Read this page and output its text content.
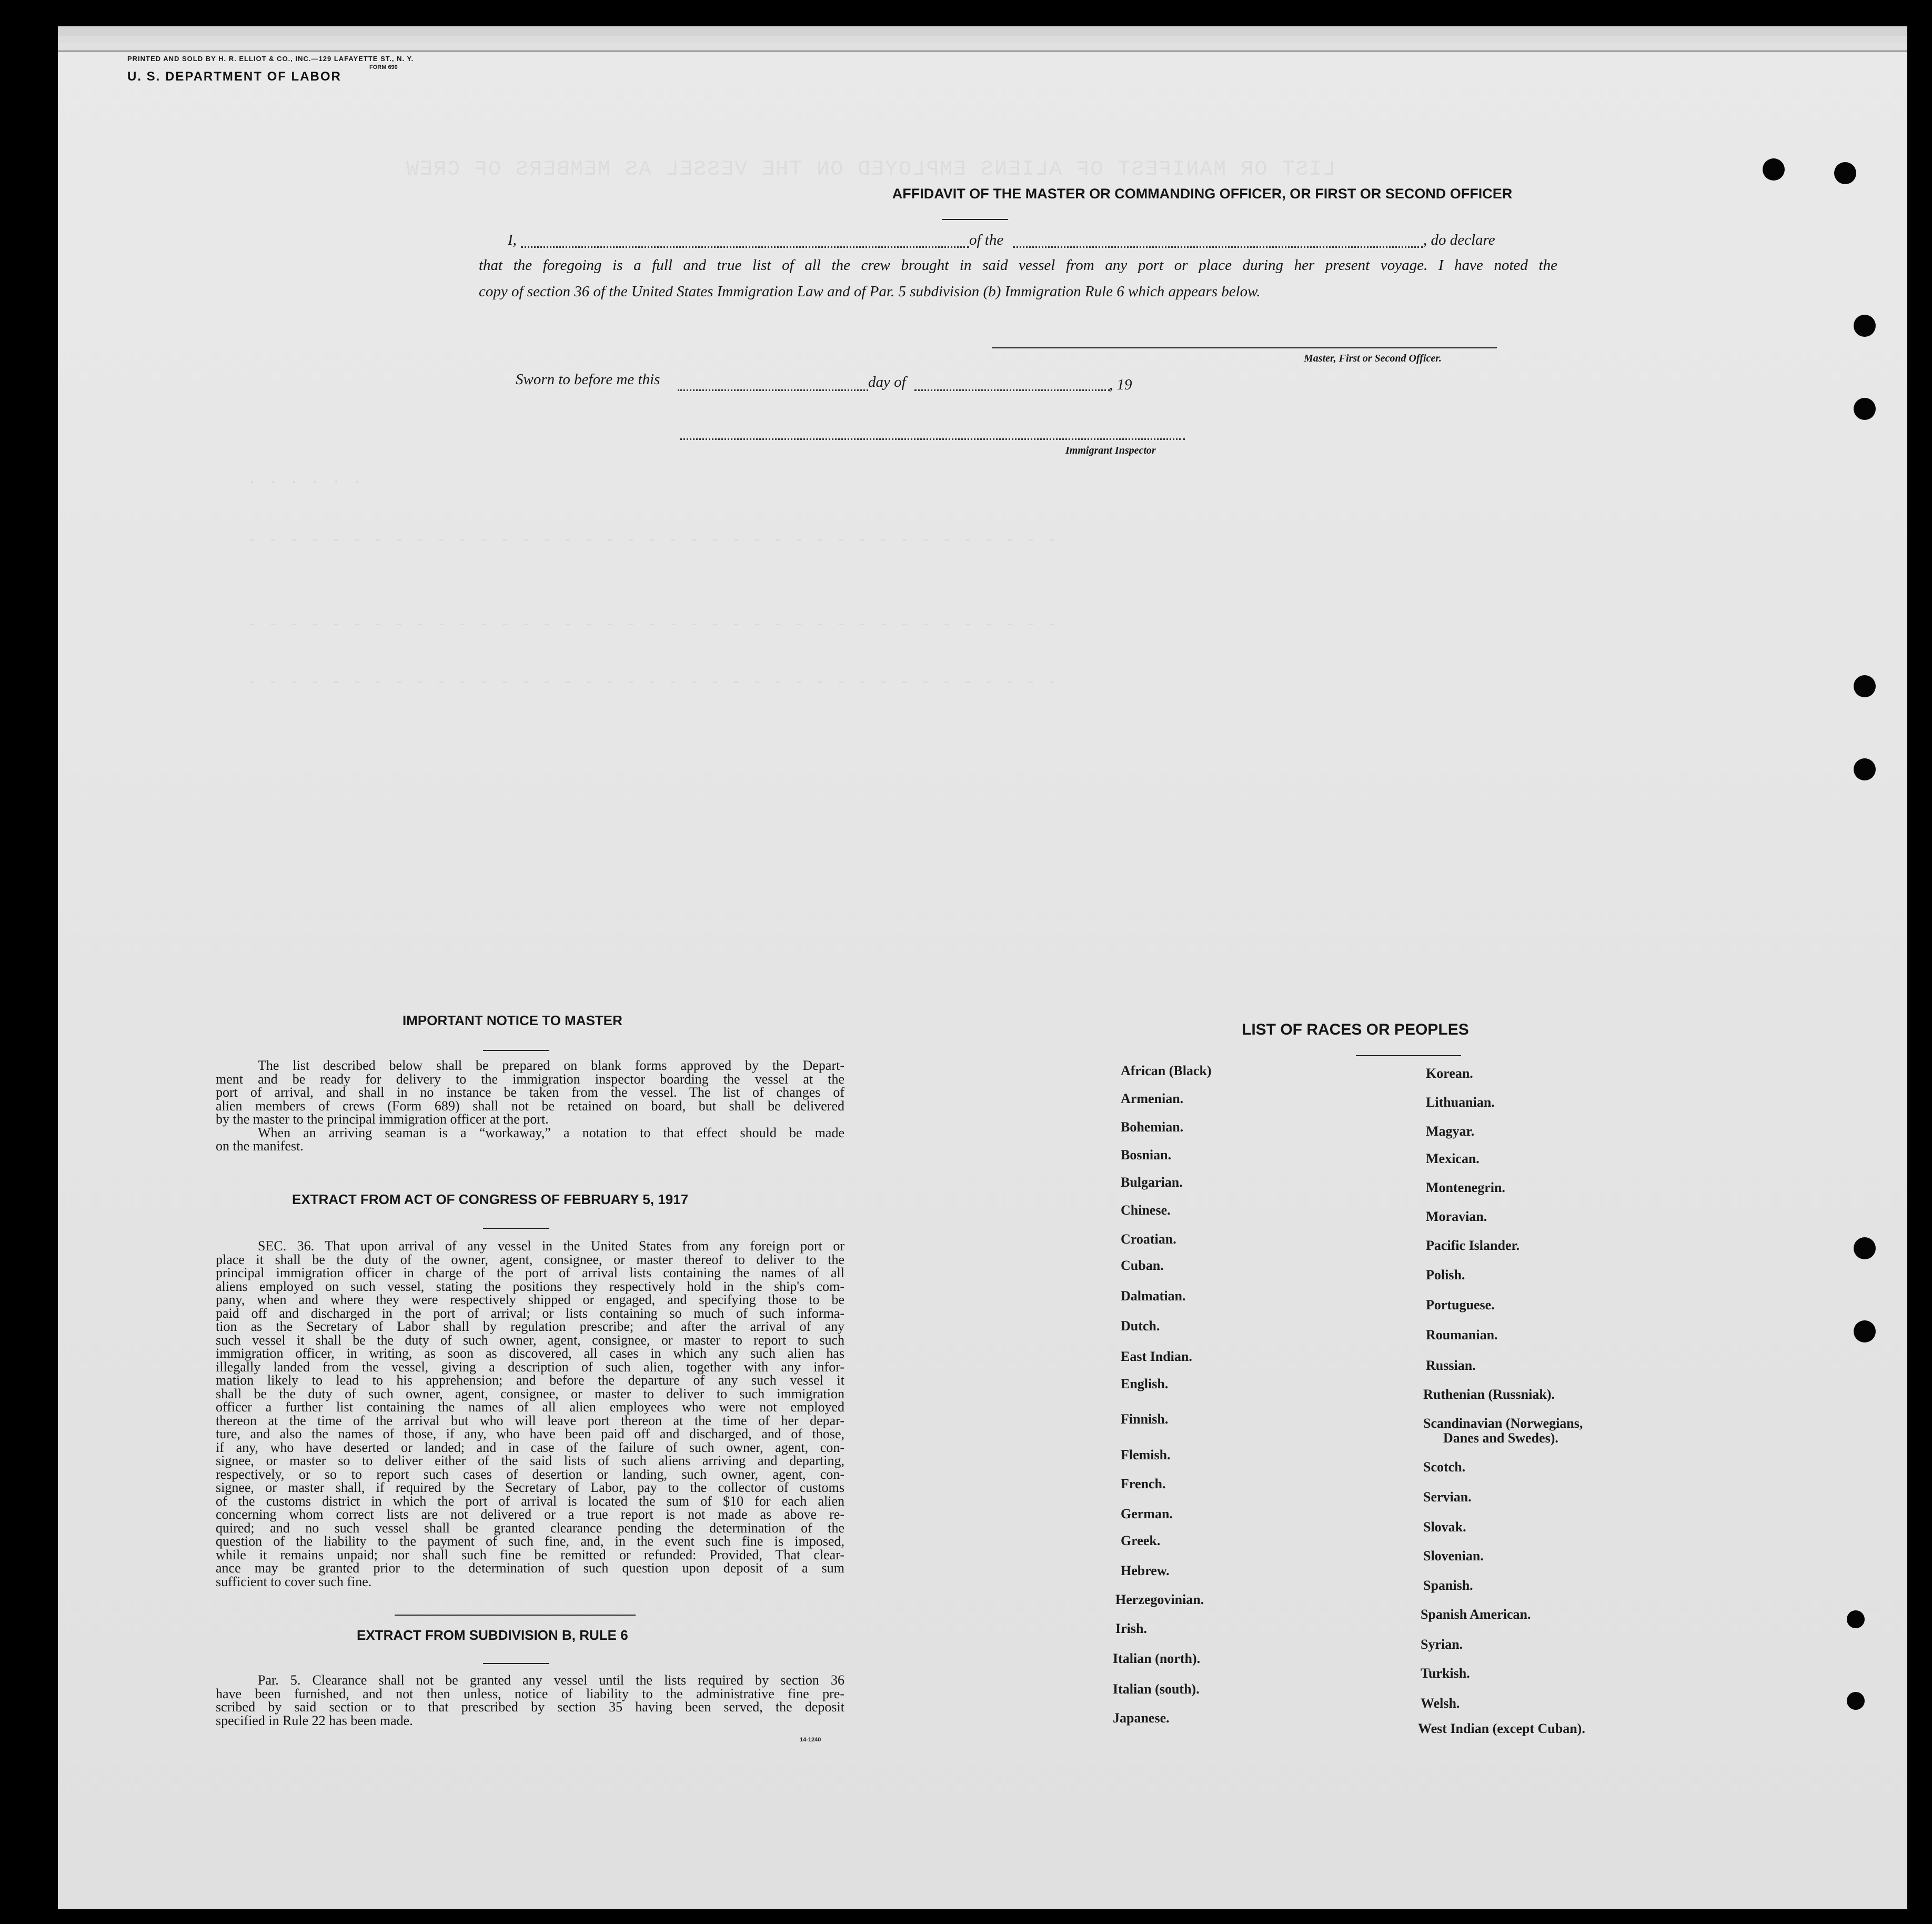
LIST OR MANIFEST OF ALIENS EMPLOYED ON THE VESSEL AS MEMBERS OF CREW
· · · · · ·
- - - - - - - - - - - - - - - - - - - - - - - - - - - - - - - - - - - - - - -
- - - - - - - - - - - - - - - - - - - - - - - - - - - - - - - - - - - - - - -
- - - - - - - - - - - - - - - - - - - - - - - - - - - - - - - - - - - - - - -
PRINTED AND SOLD BY H. R. ELLIOT & CO., INC.—129 LAFAYETTE ST., N. Y.
FORM 690
U. S. DEPARTMENT OF LABOR
AFFIDAVIT OF THE MASTER OR COMMANDING OFFICER, OR FIRST OR SECOND OFFICER
I,	of the	, do declare
that the foregoing is a full and true list of all the crew brought in said vessel from any port or place during her present voyage. I have noted the
copy of section 36 of the United States Immigration Law and of Par. 5 subdivision (b) Immigration Rule 6 which appears below.
Master, First or Second Officer.
Sworn to before me this	day of	, 19
Immigrant Inspector
IMPORTANT NOTICE TO MASTER
The list described below shall be prepared on blank forms approved by the Depart-
ment and be ready for delivery to the immigration inspector boarding the vessel at the
port of arrival, and shall in no instance be taken from the vessel. The list of changes of
alien members of crews (Form 689) shall not be retained on board, but shall be delivered
by the master to the principal immigration officer at the port.
When an arriving seaman is a “workaway,” a notation to that effect should be made
on the manifest.
EXTRACT FROM ACT OF CONGRESS OF FEBRUARY 5, 1917
SEC. 36. That upon arrival of any vessel in the United States from any foreign port or
place it shall be the duty of the owner, agent, consignee, or master thereof to deliver to the
principal immigration officer in charge of the port of arrival lists containing the names of all
aliens employed on such vessel, stating the positions they respectively hold in the ship's com-
pany, when and where they were respectively shipped or engaged, and specifying those to be
paid off and discharged in the port of arrival; or lists containing so much of such informa-
tion as the Secretary of Labor shall by regulation prescribe; and after the arrival of any
such vessel it shall be the duty of such owner, agent, consignee, or master to report to such
immigration officer, in writing, as soon as discovered, all cases in which any such alien has
illegally landed from the vessel, giving a description of such alien, together with any infor-
mation likely to lead to his apprehension; and before the departure of any such vessel it
shall be the duty of such owner, agent, consignee, or master to deliver to such immigration
officer a further list containing the names of all alien employees who were not employed
thereon at the time of the arrival but who will leave port thereon at the time of her depar-
ture, and also the names of those, if any, who have been paid off and discharged, and of those,
if any, who have deserted or landed; and in case of the failure of such owner, agent, con-
signee, or master so to deliver either of the said lists of such aliens arriving and departing,
respectively, or so to report such cases of desertion or landing, such owner, agent, con-
signee, or master shall, if required by the Secretary of Labor, pay to the collector of customs
of the customs district in which the port of arrival is located the sum of $10 for each alien
concerning whom correct lists are not delivered or a true report is not made as above re-
quired; and no such vessel shall be granted clearance pending the determination of the
question of the liability to the payment of such fine, and, in the event such fine is imposed,
while it remains unpaid; nor shall such fine be remitted or refunded: Provided, That clear-
ance may be granted prior to the determination of such question upon deposit of a sum
sufficient to cover such fine.
EXTRACT FROM SUBDIVISION B, RULE 6
Par. 5. Clearance shall not be granted any vessel until the lists required by section 36
have been furnished, and not then unless, notice of liability to the administrative fine pre-
scribed by said section or to that prescribed by section 35 having been served, the deposit
specified in Rule 22 has been made.
14-1240
LIST OF RACES OR PEOPLES
African (Black)
Armenian.
Bohemian.
Bosnian.
Bulgarian.
Chinese.
Croatian.
Cuban.
Dalmatian.
Dutch.
East Indian.
English.
Finnish.
Flemish.
French.
German.
Greek.
Hebrew.
Herzegovinian.
Irish.
Italian (north).
Italian (south).
Japanese.
Korean.
Lithuanian.
Magyar.
Mexican.
Montenegrin.
Moravian.
Pacific Islander.
Polish.
Portuguese.
Roumanian.
Russian.
Ruthenian (Russniak).
Scandinavian (Norwegians,
Danes and Swedes).
Scotch.
Servian.
Slovak.
Slovenian.
Spanish.
Spanish American.
Syrian.
Turkish.
Welsh.
West Indian (except Cuban).
